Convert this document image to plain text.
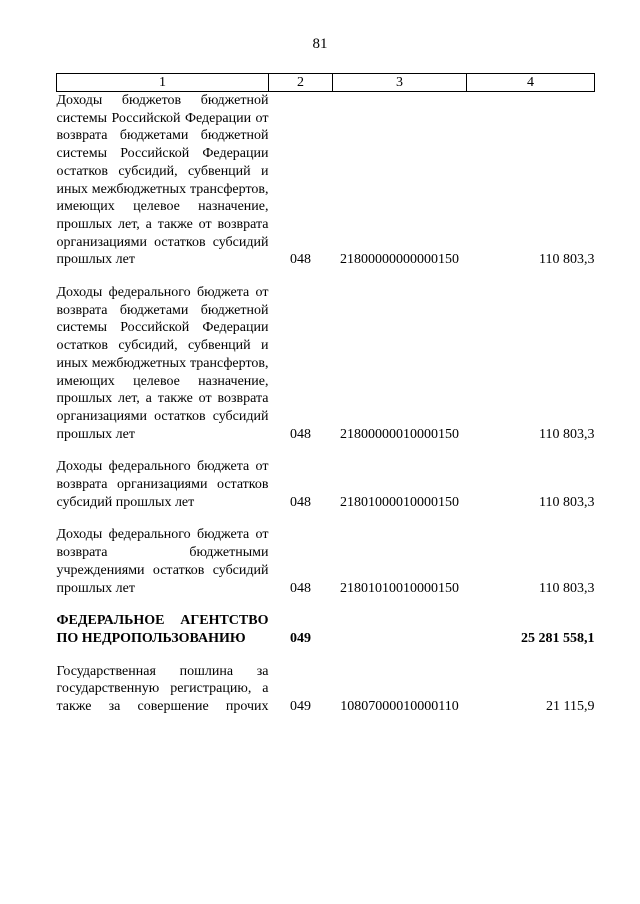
81
1	2	3	4
Доходы бюджетов бюджетной системы Российской Федерации от возврата бюджетами бюджетной системы Российской Федерации остатков субсидий, субвенций и иных межбюджетных трансфертов, имеющих целевое назначение, прошлых лет, а также от возврата организациями остатков субсидий прошлых лет	048	21800000000000150	110 803,3
Доходы федерального бюджета от возврата бюджетами бюджетной системы Российской Федерации остатков субсидий, субвенций и иных межбюджетных трансфертов, имеющих целевое назначение, прошлых лет, а также от возврата организациями остатков субсидий прошлых лет	048	21800000010000150	110 803,3
Доходы федерального бюджета от возврата организациями остатков субсидий прошлых лет	048	21801000010000150	110 803,3
Доходы федерального бюджета от возврата бюджетными учреждениями остатков субсидий прошлых лет	048	21801010010000150	110 803,3
ФЕДЕРАЛЬНОЕ АГЕНТСТВО ПО НЕДРОПОЛЬЗОВАНИЮ	049		25 281 558,1
Государственная пошлина за государственную регистрацию, а также за совершение прочих	049	10807000010000110	21 115,9
